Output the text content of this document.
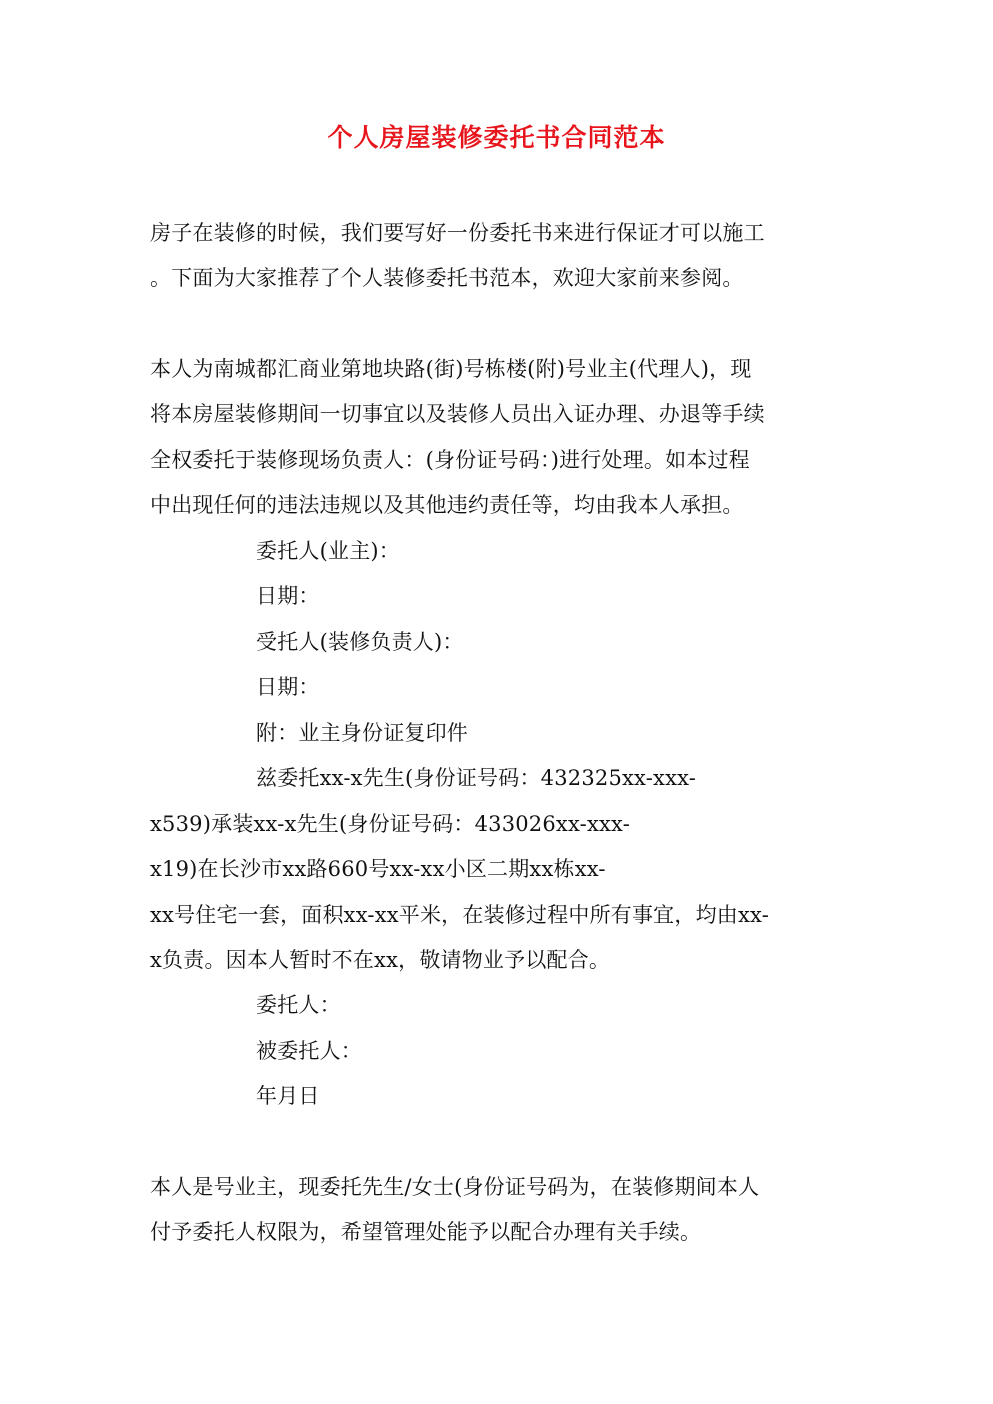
个人房屋装修委托书合同范本
房子在装修的时候，我们要写好一份委托书来进行保证才可以施工
。下面为大家推荐了个人装修委托书范本，欢迎大家前来参阅。
本人为南城都汇商业第地块路(街)号栋楼(附)号业主(代理人)，现
将本房屋装修期间一切事宜以及装修人员出入证办理、办退等手续
全权委托于装修现场负责人：(身份证号码：)进行处理。如本过程
中出现任何的违法违规以及其他违约责任等，均由我本人承担。
委托人(业主)：
日期：
受托人(装修负责人)：
日期：
附：业主身份证复印件
兹委托xx-x先生(身份证号码：432325xx-xxx-
x539)承装xx-x先生(身份证号码：433026xx-xxx-
x19)在长沙市xx路660号xx-xx小区二期xx栋xx-
xx号住宅一套，面积xx-xx平米，在装修过程中所有事宜，均由xx-
x负责。因本人暂时不在xx，敬请物业予以配合。
委托人：
被委托人：
年月日
本人是号业主，现委托先生/女士(身份证号码为，在装修期间本人
付予委托人权限为，希望管理处能予以配合办理有关手续。
